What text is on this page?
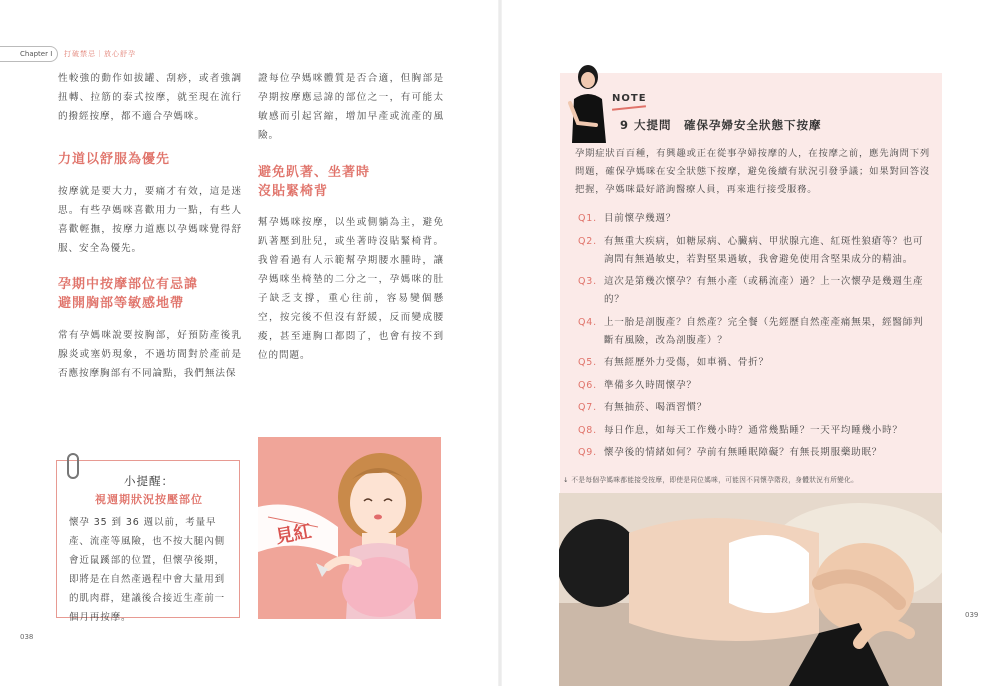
Chapter I	打破禁忌｜放心舒孕

性較強的動作如拔罐、刮痧，或者強調扭轉、拉筋的泰式按摩，就至現在流行的撥經按摩，都不適合孕媽咪。

力道以舒服為優先

按摩就是要大力，要痛才有效，這是迷思。有些孕媽咪喜歡用力一點，有些人喜歡輕撫，按摩力道應以孕媽咪覺得舒服、安全為優先。

孕期中按摩部位有忌諱

避開胸部等敏感地帶

常有孕媽咪說要按胸部，好預防產後乳腺炎或塞奶現象，不過坊間對於產前是否應按摩胸部有不同論點，我們無法保

證每位孕媽咪體質是否合適，但胸部是孕期按摩應忌諱的部位之一，有可能太敏感而引起宮縮，增加早產或流產的風險。

避免趴著、坐著時

沒貼緊椅背

幫孕媽咪按摩，以坐或側躺為主，避免趴著壓到肚兒，或坐著時沒貼緊椅背。我曾看過有人示範幫孕期腰水腫時，讓孕媽咪坐椅墊的二分之一，孕媽咪的肚子缺乏支撐，重心往前，容易變個懸空，按完後不但沒有舒緩，反而變成腰痠，甚至連胸口都悶了，也會有按不到位的問題。

小提醒：
視週期狀況按壓部位

懷孕 35 到 36 週以前，考量早產、流產等風險，也不按大腿內側會近鼠蹊部的位置，但懷孕後期，即將是在自然產過程中會大量用到的肌肉群，建議後合接近生產前一個月再按摩。

見紅
038
NOTE
9 大提問　確保孕婦安全狀態下按摩

孕期症狀百百種，有興趣或正在從事孕婦按摩的人，在按摩之前，應先詢問下列問題，確保孕媽咪在安全狀態下按摩，避免後續有狀況引發爭議；如果對回答沒把握，孕媽咪最好諮詢醫療人員，再來進行接受服務。

Q1. 目前懷孕幾週？
Q2. 有無重大疾病，如糖尿病、心臟病、甲狀腺亢進、紅斑性狼瘡等？也可詢問有無過敏史，若對堅果過敏，我會避免使用含堅果成分的精油。
Q3. 這次是第幾次懷孕？有無小產（或稱流產）過？上一次懷孕是幾週生產的？
Q4. 上一胎是剖腹產？自然產？完全餐（先經歷自然產產痛無果，經醫師判斷有風險，改為剖腹產）？
Q5. 有無經歷外力受傷，如車禍、骨折？
Q6. 準備多久時間懷孕？
Q7. 有無抽菸、喝酒習慣？
Q8. 每日作息，如每天工作幾小時？通常幾點睡？一天平均睡幾小時？
Q9. 懷孕後的情緒如何？孕前有無睡眠障礙？有無長期服藥助眠？
↓ 不是每個孕媽咪都能接受按摩，即使是同位媽咪，可能因不同懷孕階段，身體狀況有所變化。
039
